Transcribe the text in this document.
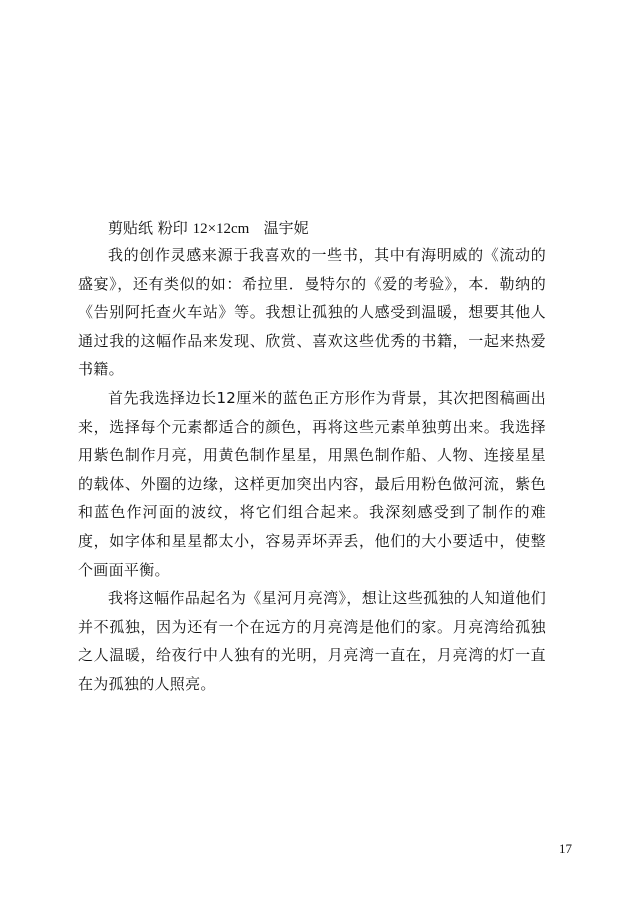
剪贴纸 粉印 12×12cm 温宇妮

我的创作灵感来源于我喜欢的一些书，其中有海明威的《流动的盛宴》，还有类似的如：希拉里．曼特尔的《爱的考验》，本．勒纳的《告别阿托查火车站》等。我想让孤独的人感受到温暖，想要其他人通过我的这幅作品来发现、欣赏、喜欢这些优秀的书籍，一起来热爱书籍。

首先我选择边长12厘米的蓝色正方形作为背景，其次把图稿画出来，选择每个元素都适合的颜色，再将这些元素单独剪出来。我选择用紫色制作月亮，用黄色制作星星，用黑色制作船、人物、连接星星的载体、外圈的边缘，这样更加突出内容，最后用粉色做河流，紫色和蓝色作河面的波纹，将它们组合起来。我深刻感受到了制作的难度，如字体和星星都太小，容易弄坏弄丢，他们的大小要适中，使整个画面平衡。

我将这幅作品起名为《星河月亮湾》，想让这些孤独的人知道他们并不孤独，因为还有一个在远方的月亮湾是他们的家。月亮湾给孤独之人温暖，给夜行中人独有的光明，月亮湾一直在，月亮湾的灯一直在为孤独的人照亮。

17
